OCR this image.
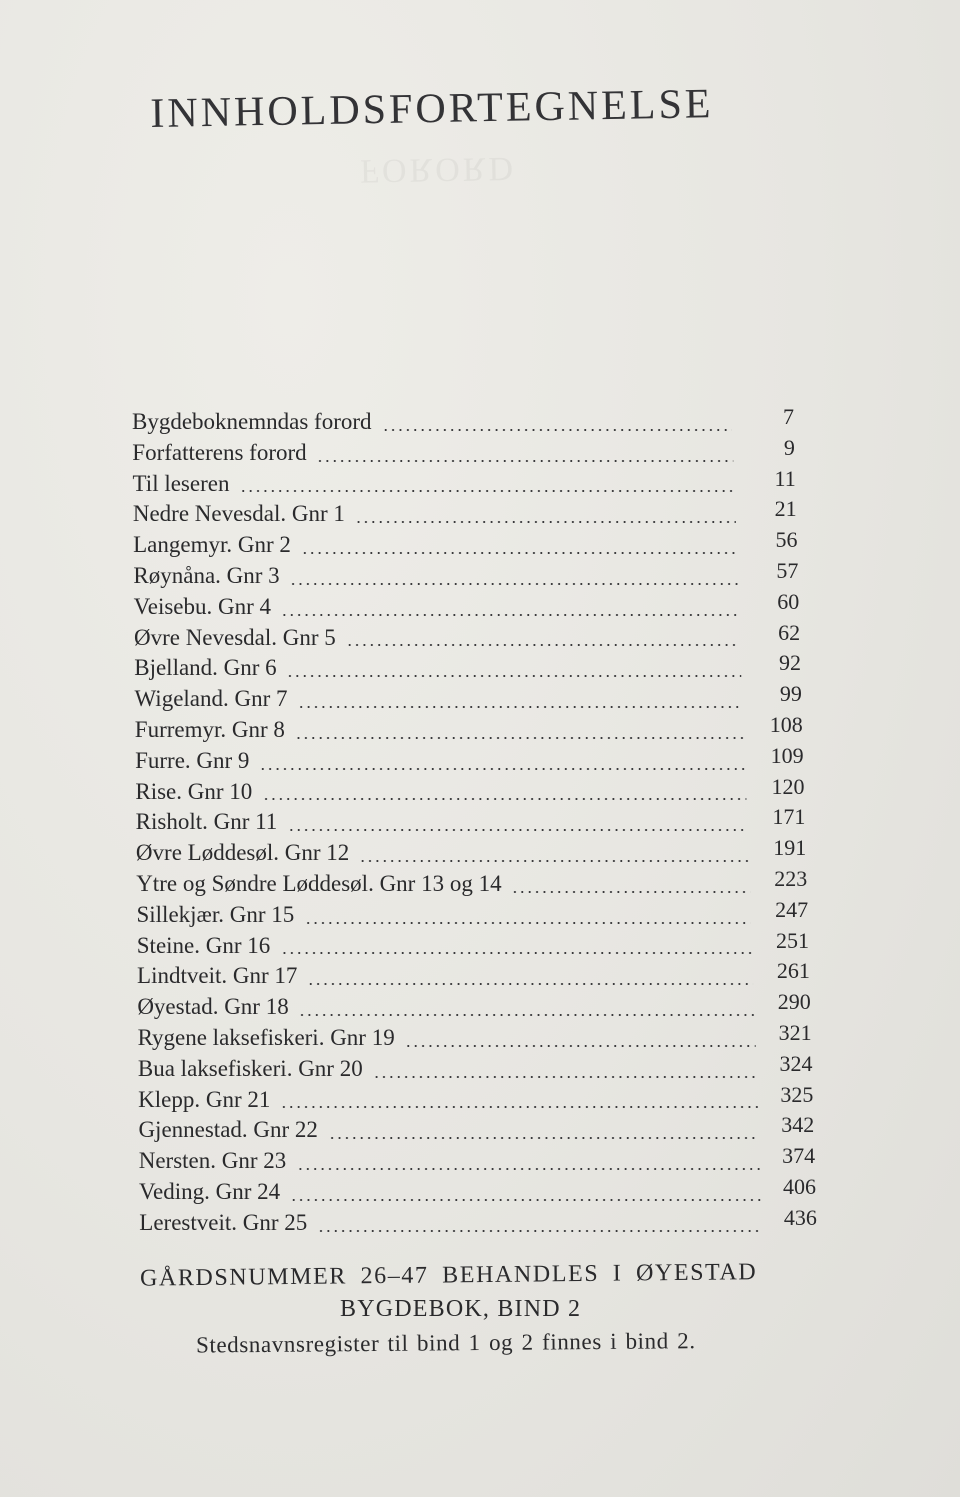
INNHOLDSFORTEGNELSE
FORORD
Bygdeboknemndas forord	7
Forfatterens forord	9
Til leseren	11
Nedre Nevesdal. Gnr 1	21
Langemyr. Gnr 2	56
Røynåna. Gnr 3	57
Veisebu. Gnr 4	60
Øvre Nevesdal. Gnr 5	62
Bjelland. Gnr 6	92
Wigeland. Gnr 7	99
Furremyr. Gnr 8	108
Furre. Gnr 9	109
Rise. Gnr 10	120
Risholt. Gnr 11	171
Øvre Løddesøl. Gnr 12	191
Ytre og Søndre Løddesøl. Gnr 13 og 14	223
Sillekjær. Gnr 15	247
Steine. Gnr 16	251
Lindtveit. Gnr 17	261
Øyestad. Gnr 18	290
Rygene laksefiskeri. Gnr 19	321
Bua laksefiskeri. Gnr 20	324
Klepp. Gnr 21	325
Gjennestad. Gnr 22	342
Nersten. Gnr 23	374
Veding. Gnr 24	406
Lerestveit. Gnr 25	436
GÅRDSNUMMER 26–47 BEHANDLES I ØYESTAD
BYGDEBOK, BIND 2
Stedsnavnsregister til bind 1 og 2 finnes i bind 2.
